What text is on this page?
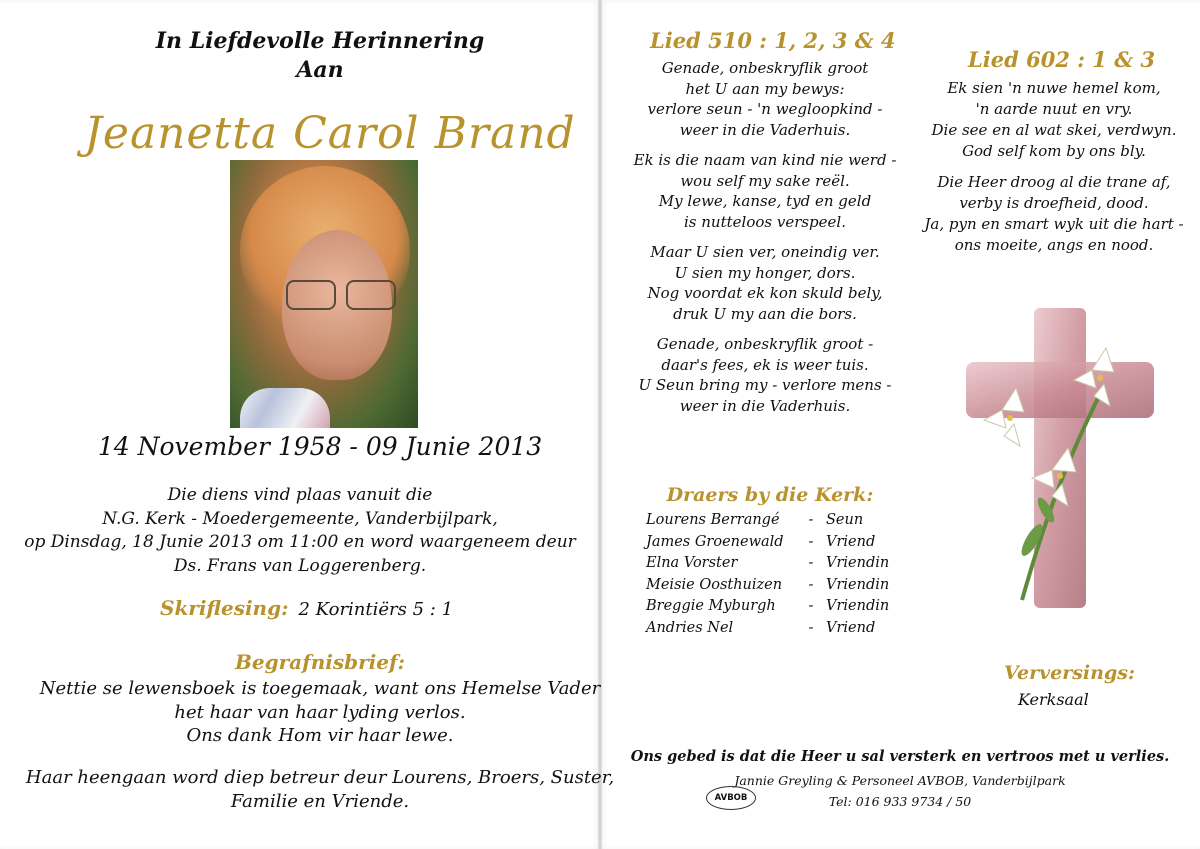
In Liefdevolle Herinnering
Aan
Jeanetta Carol Brand
14 November 1958 - 09 Junie 2013
Die diens vind plaas vanuit die
N.G. Kerk - Moedergemeente, Vanderbijlpark,
op Dinsdag, 18 Junie 2013 om 11:00 en word waargeneem deur
Ds. Frans van Loggerenberg.
Skriflesing: 2 Korintiërs 5 : 1
Begrafnisbrief:
Nettie se lewensboek is toegemaak, want ons Hemelse Vader
het haar van haar lyding verlos.
Ons dank Hom vir haar lewe.
Haar heengaan word diep betreur deur Lourens, Broers, Suster,
Familie en Vriende.
Lied 510 : 1, 2, 3 & 4
Genade, onbeskryflik groot
het U aan my bewys:
verlore seun - 'n wegloopkind -
weer in die Vaderhuis.
Ek is die naam van kind nie werd -
wou self my sake reël.
My lewe, kanse, tyd en geld
is nutteloos verspeel.
Maar U sien ver, oneindig ver.
U sien my honger, dors.
Nog voordat ek kon skuld bely,
druk U my aan die bors.
Genade, onbeskryflik groot -
daar's fees, ek is weer tuis.
U Seun bring my - verlore mens -
weer in die Vaderhuis.
Lied 602 : 1 & 3
Ek sien 'n nuwe hemel kom,
'n aarde nuut en vry.
Die see en al wat skei, verdwyn.
God self kom by ons bly.
Die Heer droog al die trane af,
verby is droefheid, dood.
Ja, pyn en smart wyk uit die hart -
ons moeite, angs en nood.
Draers by die Kerk:
Lourens Berrangé	-	Seun
James Groenewald	-	Vriend
Elna Vorster	-	Vriendin
Meisie Oosthuizen	-	Vriendin
Breggie Myburgh	-	Vriendin
Andries Nel	-	Vriend
Verversings:
Kerksaal
Ons gebed is dat die Heer u sal versterk en vertroos met u verlies.
Jannie Greyling & Personeel AVBOB, Vanderbijlpark
Tel: 016 933 9734 / 50
AVBOB
